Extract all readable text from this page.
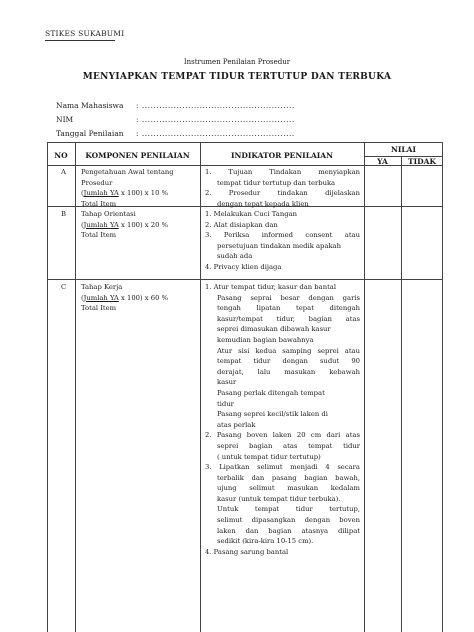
STIKES SUKABUMI
Instrumen Penilaian Prosedur
MENYIAPKAN TEMPAT TIDUR TERTUTUP DAN TERBUKA
Nama Mahasiswa : .....................................................
NIM	: .....................................................
Tanggal Penilaian : .....................................................
NO	KOMPONEN PENILAIAN	INDIKATOR PENILAIAN
NILAI
YA	TIDAK
A Pengetahuan Awal tentang
Prosedur
(Jumlah YA x 100) x 10 %
Total Item
1. Tujuan Tindakan menyiapkan
tempat tidur tertutup dan terbuka
2. Prosedur tindakan dijelaskan
dengan tepat kepada klien
B Tahap Orientasi
(Jumlah YA x 100) x 20 %
Total Item
1. Melakukan Cuci Tangan
2. Alat disiapkan dan
3. Periksa informed consent atau
persetujuan tindakan medik apakah
sudah ada
4. Privacy klien dijaga
C Tahap Kerja
(Jumlah YA x 100) x 60 %
Total Item
1. Atur tempat tidur, kasur dan bantal
Pasang seprai besar dengan garis
tengah lipatan tepat ditengah
kasur/tempat tidur, bagian atas
seprei dimasukan dibawah kasur
kemudian bagian bawahnya
Atur sisi kedua samping seprei atau
tempat tidur dengan sudut 90
derajat, lalu masukan kebawah
kasur
Pasang perlak ditengah tempat
tidur
Pasang seprei kecil/stik laken di
atas perlak
2. Pasang boven laken 20 cm dari atas
seprei bagian atas tempat tidur
( untuk tempat tidur tertutup)
3. Lipatkan selimut menjadi 4 secara
terbalik dan pasang bagian bawah,
ujung selimut masukan kedalam
kasur (untuk tempat tidur terbuka).
Untuk tempat tidur tertutup,
selimut dipasangkan dengan boven
laken dan bagian atasnya dilipat
sedikit (kira-kira 10-15 cm).
4. Pasang sarung bantal
